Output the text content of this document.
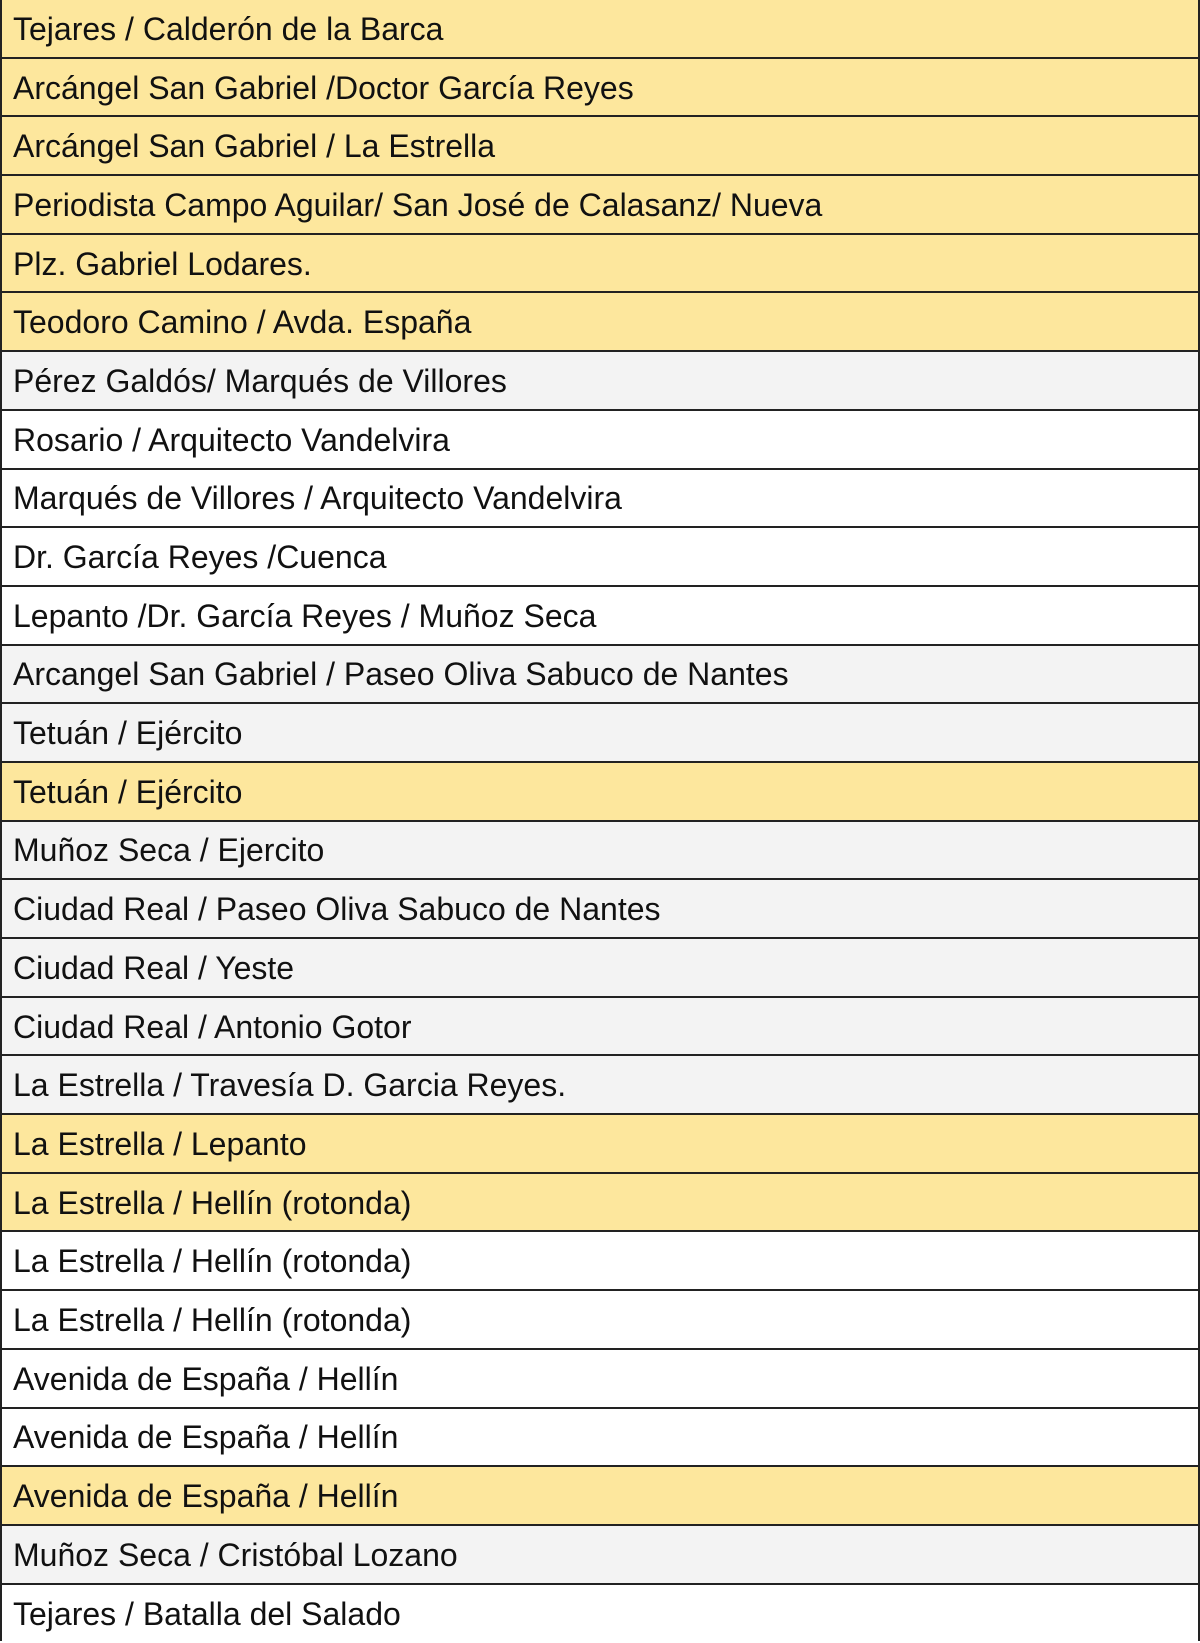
Tejares / Calderón de la Barca
Arcángel San Gabriel /Doctor García Reyes
Arcángel San Gabriel / La Estrella
Periodista Campo Aguilar/ San José de Calasanz/ Nueva
Plz. Gabriel Lodares.
Teodoro Camino / Avda. España
Pérez Galdós/ Marqués de Villores
Rosario / Arquitecto Vandelvira
Marqués de Villores / Arquitecto Vandelvira
Dr. García Reyes /Cuenca
Lepanto /Dr. García Reyes / Muñoz Seca
Arcangel San Gabriel / Paseo Oliva Sabuco de Nantes
Tetuán / Ejército
Tetuán / Ejército
Muñoz Seca / Ejercito
Ciudad Real / Paseo Oliva Sabuco de Nantes
Ciudad Real / Yeste
Ciudad Real / Antonio Gotor
La Estrella / Travesía D. Garcia Reyes.
La Estrella / Lepanto
La Estrella / Hellín (rotonda)
La Estrella / Hellín (rotonda)
La Estrella / Hellín (rotonda)
Avenida de España / Hellín
Avenida de España / Hellín
Avenida de España / Hellín
Muñoz Seca / Cristóbal Lozano
Tejares / Batalla del Salado
